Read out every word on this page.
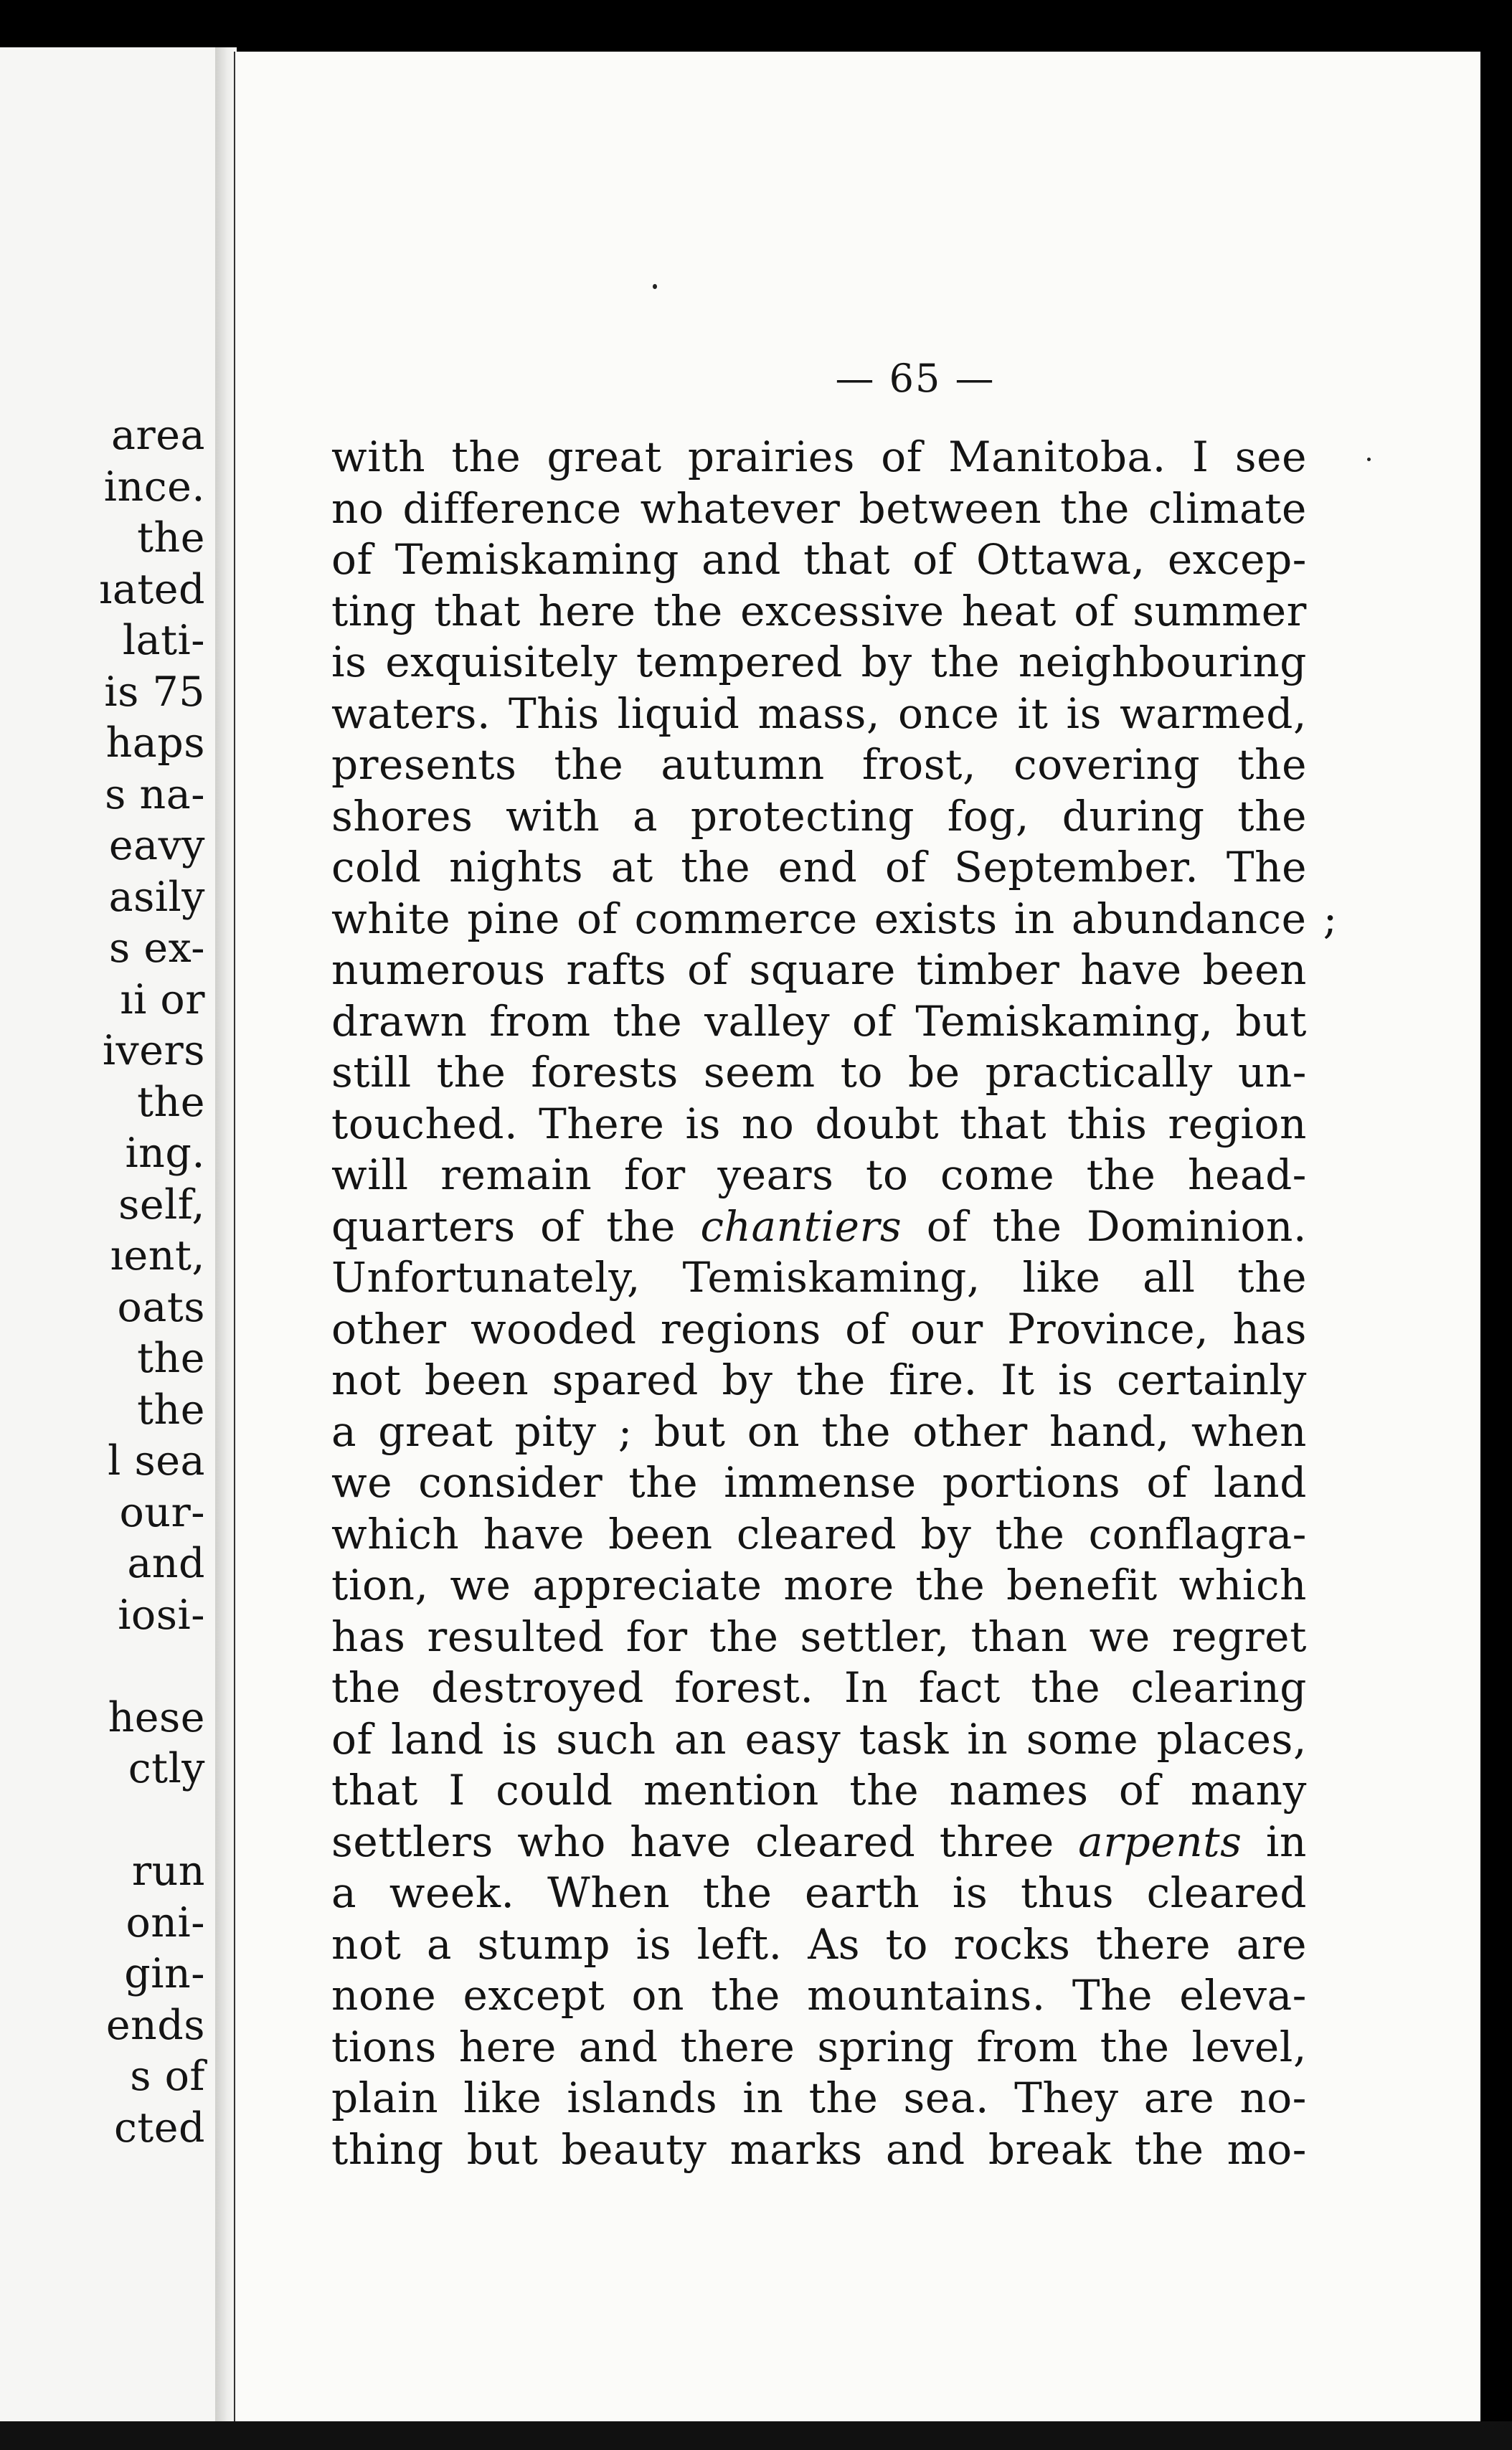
area
ince.
the
ıated
lati-
is 75
haps
s na-
eavy
asily
s ex-
ıi or
ivers
the
ing.
self,
ıent,
oats
the
the
l sea
our-
and
iosi-
hese
ctly
run
oni-
gin-
ends
s of
cted
— 65 —
with the great prairies of Manitoba. I see
no difference whatever between the climate
of Temiskaming and that of Ottawa, excep-
ting that here the excessive heat of summer
is exquisitely tempered by the neighbouring
waters. This liquid mass, once it is warmed,
presents the autumn frost, covering the
shores with a protecting fog, during the
cold nights at the end of September. The
white pine of commerce exists in abundance ;
numerous rafts of square timber have been
drawn from the valley of Temiskaming, but
still the forests seem to be practically un-
touched. There is no doubt that this region
will remain for years to come the head-
quarters of the chantiers of the Dominion.
Unfortunately, Temiskaming, like all the
other wooded regions of our Province, has
not been spared by the fire. It is certainly
a great pity ; but on the other hand, when
we consider the immense portions of land
which have been cleared by the conflagra-
tion, we appreciate more the benefit which
has resulted for the settler, than we regret
the destroyed forest. In fact the clearing
of land is such an easy task in some places,
that I could mention the names of many
settlers who have cleared three arpents in
a week. When the earth is thus cleared
not a stump is left. As to rocks there are
none except on the mountains. The eleva-
tions here and there spring from the level,
plain like islands in the sea. They are no-
thing but beauty marks and break the mo-
